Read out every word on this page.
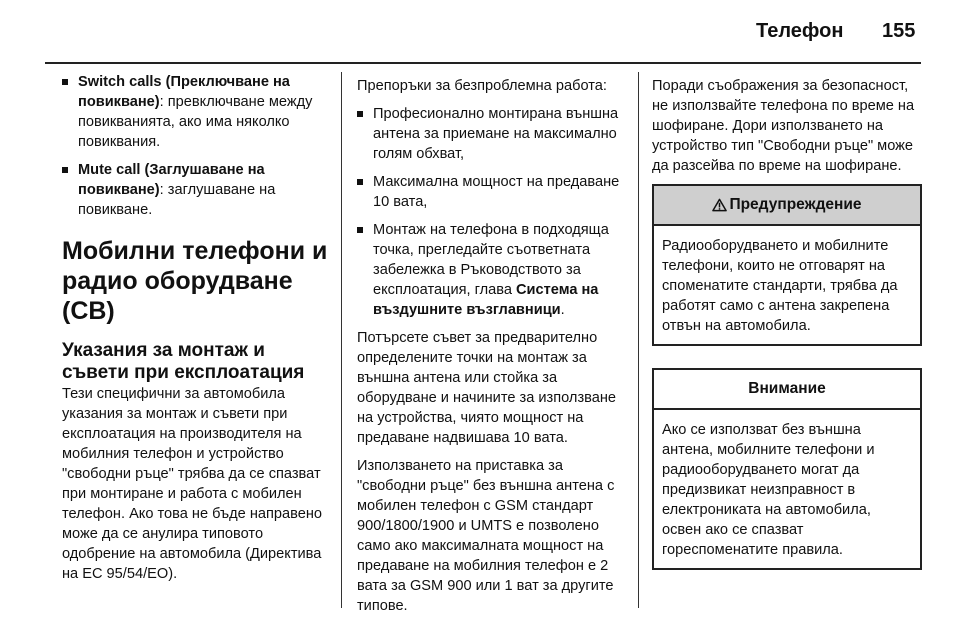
Телефон 155
Switch calls (Преключване на повикване): превключване между повикванията, ако има няколко повиквания.
Mute call (Заглушаване на повикване): заглушаване на повикване.
Мобилни телефони и радио оборудване (CB)
Указания за монтаж и съвети при експлоатация

Тези специфични за автомобила указания за монтаж и съвети при експлоатация на производителя на мобилния телефон и устройство "свободни ръце" трябва да се спазват при монтиране и работа с мобилен телефон. Ако това не бъде направено може да се анулира типовото одобрение на автомобила (Директива на ЕС 95/54/ЕО).

Препоръки за безпроблемна работа:

Професионално монтирана външна антена за приемане на максимално голям обхват,
Максимална мощност на предаване 10 вата,
Монтаж на телефона в подходяща точка, прегледайте съответната забележка в Ръководството за експлоатация, глава Система на въздушните възглавници.

Потърсете съвет за предварително определените точки на монтаж за външна антена или стойка за оборудване и начините за използване на устройства, чиято мощност на предаване надвишава 10 вата.

Използването на приставка за "свободни ръце" без външна антена с мобилен телефон с GSM стандарт 900/1800/1900 и UMTS е позволено само ако максималната мощност на предаване на мобилния телефон е 2 вата за GSM 900 или 1 ват за другите типове.

Поради съображения за безопасност, не използвайте телефона по време на шофиране. Дори използването на устройство тип "Свободни ръце" може да разсейва по време на шофиране.

Предупреждение
Радиооборудването и мобилните телефони, които не отговарят на споменатите стандарти, трябва да работят само с антена закрепена отвън на автомобила.
Внимание
Ако се използват без външна антена, мобилните телефони и радиооборудването могат да предизвикат неизправност в електрониката на автомобила, освен ако се спазват гореспоменатите правила.
